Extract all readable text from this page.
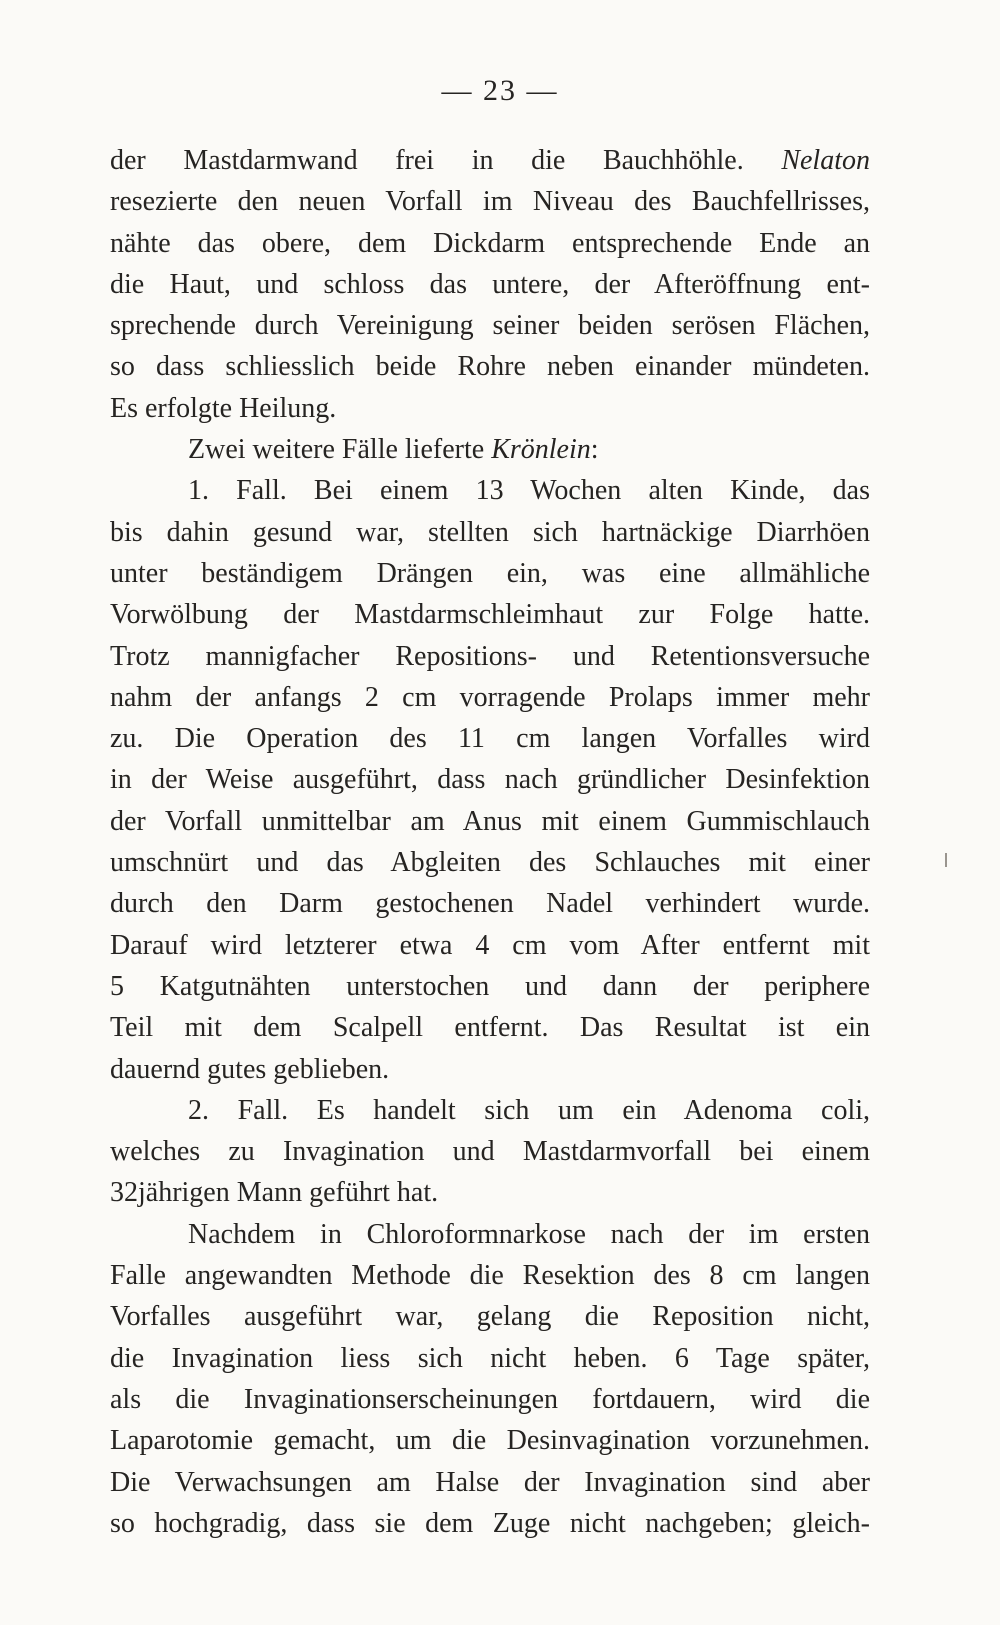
— 23 —
der Mastdarmwand frei in die Bauchhöhle. Nelaton
resezierte den neuen Vorfall im Niveau des Bauchfellrisses,
nähte das obere, dem Dickdarm entsprechende Ende an
die Haut, und schloss das untere, der Afteröffnung ent-
sprechende durch Vereinigung seiner beiden serösen Flächen,
so dass schliesslich beide Rohre neben einander mündeten.
Es erfolgte Heilung.
Zwei weitere Fälle lieferte Krönlein:
1. Fall. Bei einem 13 Wochen alten Kinde, das
bis dahin gesund war, stellten sich hartnäckige Diarrhöen
unter beständigem Drängen ein, was eine allmähliche
Vorwölbung der Mastdarmschleimhaut zur Folge hatte.
Trotz mannigfacher Repositions- und Retentionsversuche
nahm der anfangs 2 cm vorragende Prolaps immer mehr
zu. Die Operation des 11 cm langen Vorfalles wird
in der Weise ausgeführt, dass nach gründlicher Desinfektion
der Vorfall unmittelbar am Anus mit einem Gummischlauch
umschnürt und das Abgleiten des Schlauches mit einer
durch den Darm gestochenen Nadel verhindert wurde.
Darauf wird letzterer etwa 4 cm vom After entfernt mit
5 Katgutnähten unterstochen und dann der periphere
Teil mit dem Scalpell entfernt. Das Resultat ist ein
dauernd gutes geblieben.
2. Fall. Es handelt sich um ein Adenoma coli,
welches zu Invagination und Mastdarmvorfall bei einem
32jährigen Mann geführt hat.
Nachdem in Chloroformnarkose nach der im ersten
Falle angewandten Methode die Resektion des 8 cm langen
Vorfalles ausgeführt war, gelang die Reposition nicht,
die Invagination liess sich nicht heben. 6 Tage später,
als die Invaginationserscheinungen fortdauern, wird die
Laparotomie gemacht, um die Desinvagination vorzunehmen.
Die Verwachsungen am Halse der Invagination sind aber
so hochgradig, dass sie dem Zuge nicht nachgeben; gleich-
